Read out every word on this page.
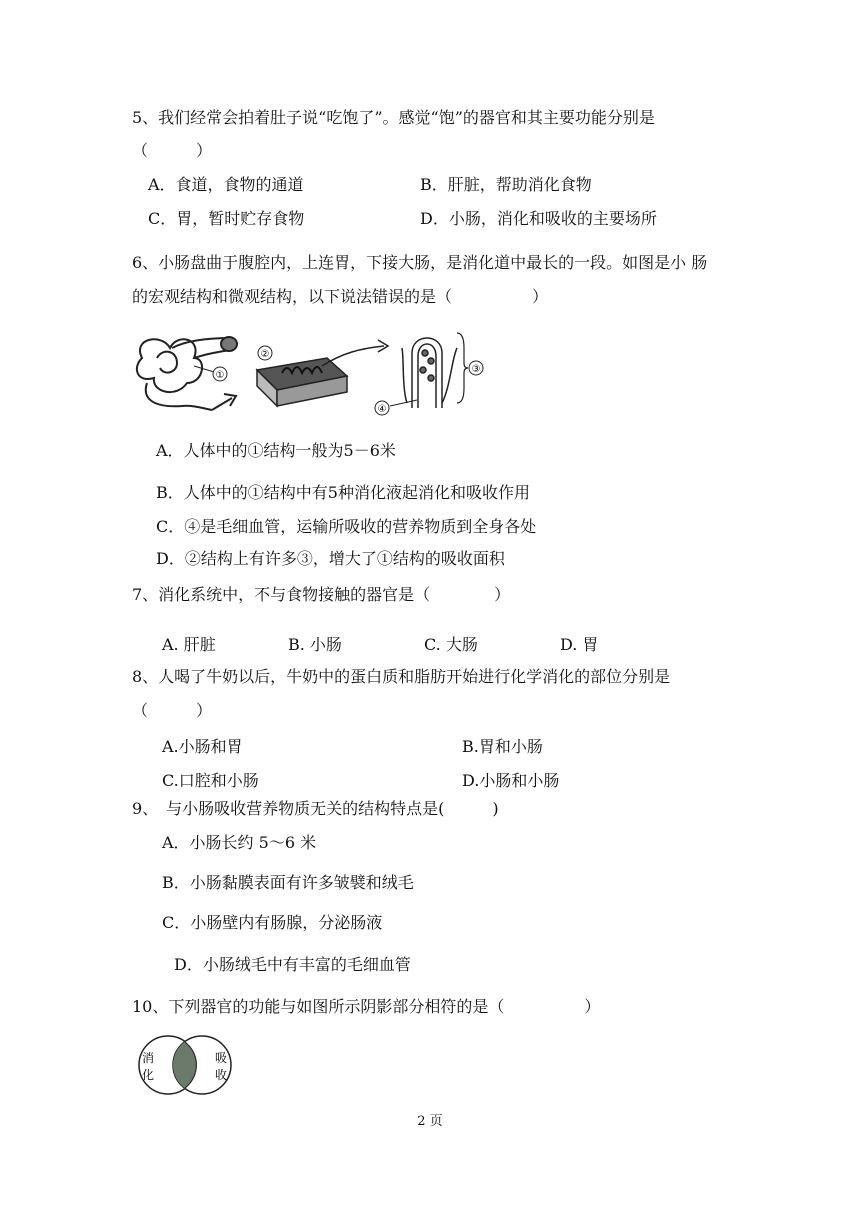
5、我们经常会拍着肚子说“吃饱了”。感觉“饱”的器官和其主要功能分别是
（　　　）
A．食道，食物的通道	B．肝脏，帮助消化食物
C．胃，暂时贮存食物	D．小肠，消化和吸收的主要场所
6、小肠盘曲于腹腔内，上连胃，下接大肠，是消化道中最长的一段。如图是小 肠
的宏观结构和微观结构，以下说法错误的是（　　　　　）
①
②
③
④
A．人体中的①结构一般为5－6米
B．人体中的①结构中有5种消化液起消化和吸收作用
C．④是毛细血管，运输所吸收的营养物质到全身各处
D．②结构上有许多③，增大了①结构的吸收面积
7、消化系统中，不与食物接触的器官是（　　　　）
A. 肝脏	B. 小肠	C. 大肠	D. 胃
8、人喝了牛奶以后，牛奶中的蛋白质和脂肪开始进行化学消化的部位分别是
（　　　）
A.小肠和胃	B.胃和小肠
C.口腔和小肠	D.小肠和小肠
9、　与小肠吸收营养物质无关的结构特点是(　　　)
A．小肠长约 5～6 米
B．小肠黏膜表面有许多皱襞和绒毛
C．小肠壁内有肠腺，分泌肠液
D．小肠绒毛中有丰富的毛细血管
10、下列器官的功能与如图所示阴影部分相符的是（　　　　　）
消
化
吸
收
2 页
